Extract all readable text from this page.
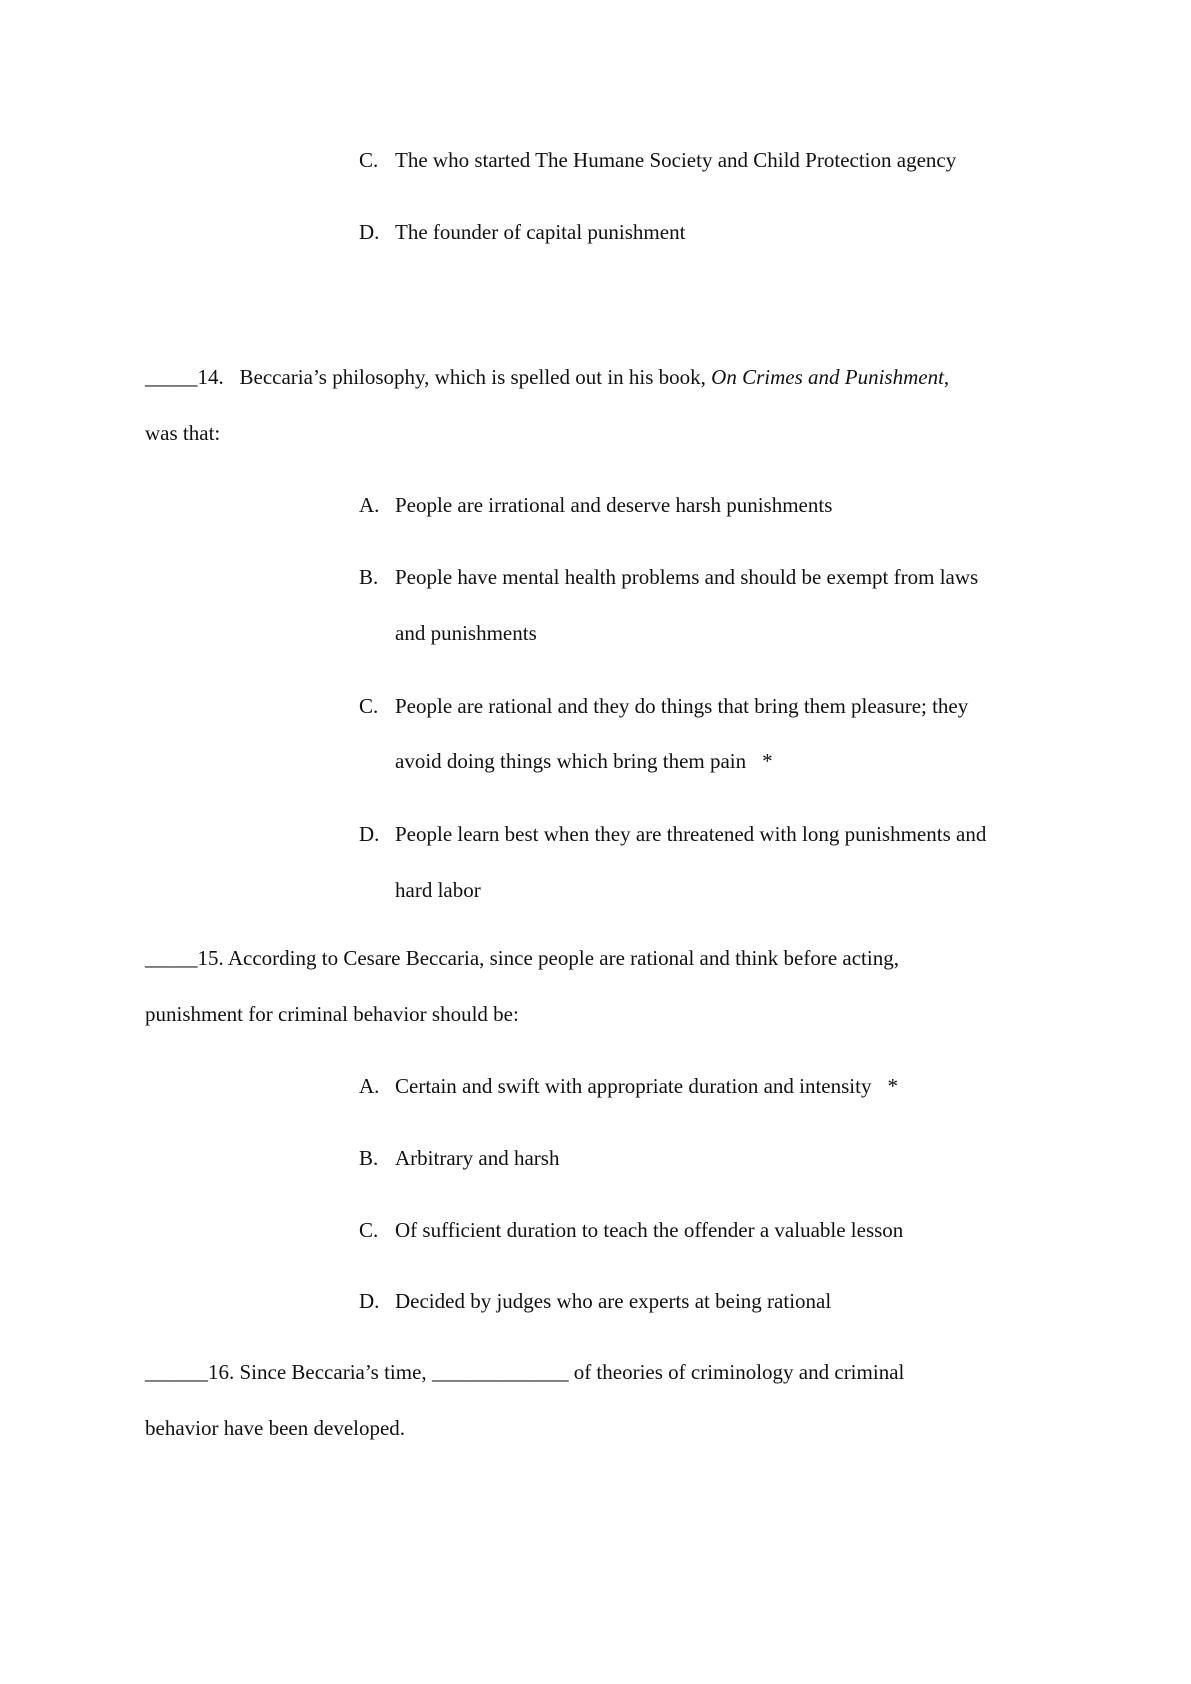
C. The who started The Humane Society and Child Protection agency
D. The founder of capital punishment
_____14. Beccaria’s philosophy, which is spelled out in his book, On Crimes and Punishment,
was that:
A. People are irrational and deserve harsh punishments
B. People have mental health problems and should be exempt from laws
and punishments
C. People are rational and they do things that bring them pleasure; they
avoid doing things which bring them pain *
D. People learn best when they are threatened with long punishments and
hard labor
_____15. According to Cesare Beccaria, since people are rational and think before acting,
punishment for criminal behavior should be:
A. Certain and swift with appropriate duration and intensity *
B. Arbitrary and harsh
C. Of sufficient duration to teach the offender a valuable lesson
D. Decided by judges who are experts at being rational
______16. Since Beccaria’s time, _____________ of theories of criminology and criminal
behavior have been developed.
